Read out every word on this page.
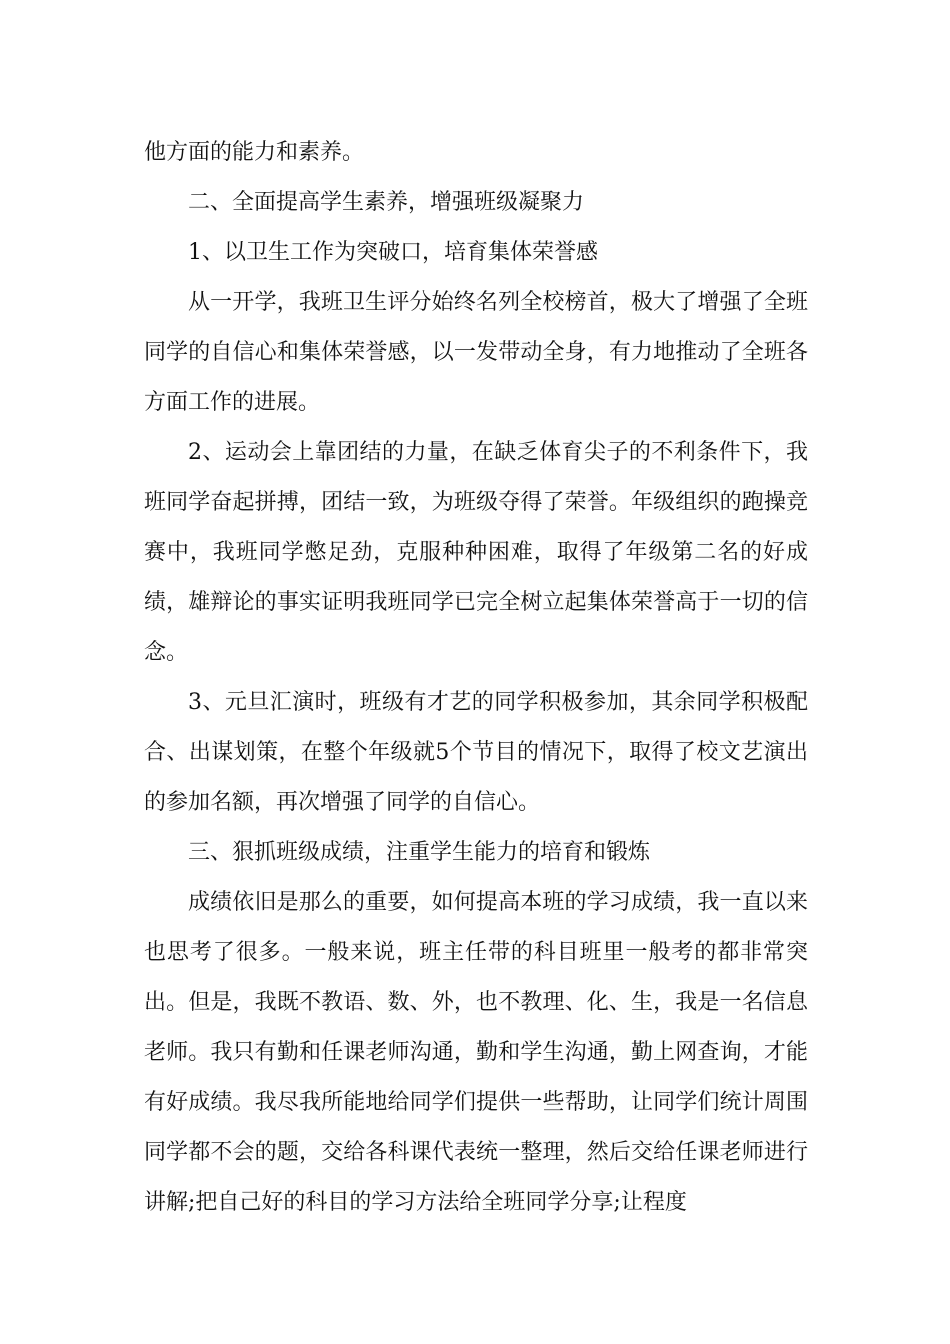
他方面的能力和素养。

二、全面提高学生素养，增强班级凝聚力

1、以卫生工作为突破口，培育集体荣誉感

从一开学，我班卫生评分始终名列全校榜首，极大了增强了全班同学的自信心和集体荣誉感，以一发带动全身，有力地推动了全班各方面工作的进展。

2、运动会上靠团结的力量，在缺乏体育尖子的不利条件下，我班同学奋起拼搏，团结一致，为班级夺得了荣誉。年级组织的跑操竞赛中，我班同学憋足劲，克服种种困难，取得了年级第二名的好成绩，雄辩论的事实证明我班同学已完全树立起集体荣誉高于一切的信念。

3、元旦汇演时，班级有才艺的同学积极参加，其余同学积极配合、出谋划策，在整个年级就5个节目的情况下，取得了校文艺演出的参加名额，再次增强了同学的自信心。

三、狠抓班级成绩，注重学生能力的培育和锻炼

成绩依旧是那么的重要，如何提高本班的学习成绩，我一直以来也思考了很多。一般来说，班主任带的科目班里一般考的都非常突出。但是，我既不教语、数、外，也不教理、化、生，我是一名信息老师。我只有勤和任课老师沟通，勤和学生沟通，勤上网查询，才能有好成绩。我尽我所能地给同学们提供一些帮助，让同学们统计周围同学都不会的题，交给各科课代表统一整理，然后交给任课老师进行讲解;把自己好的科目的学习方法给全班同学分享;让程度
